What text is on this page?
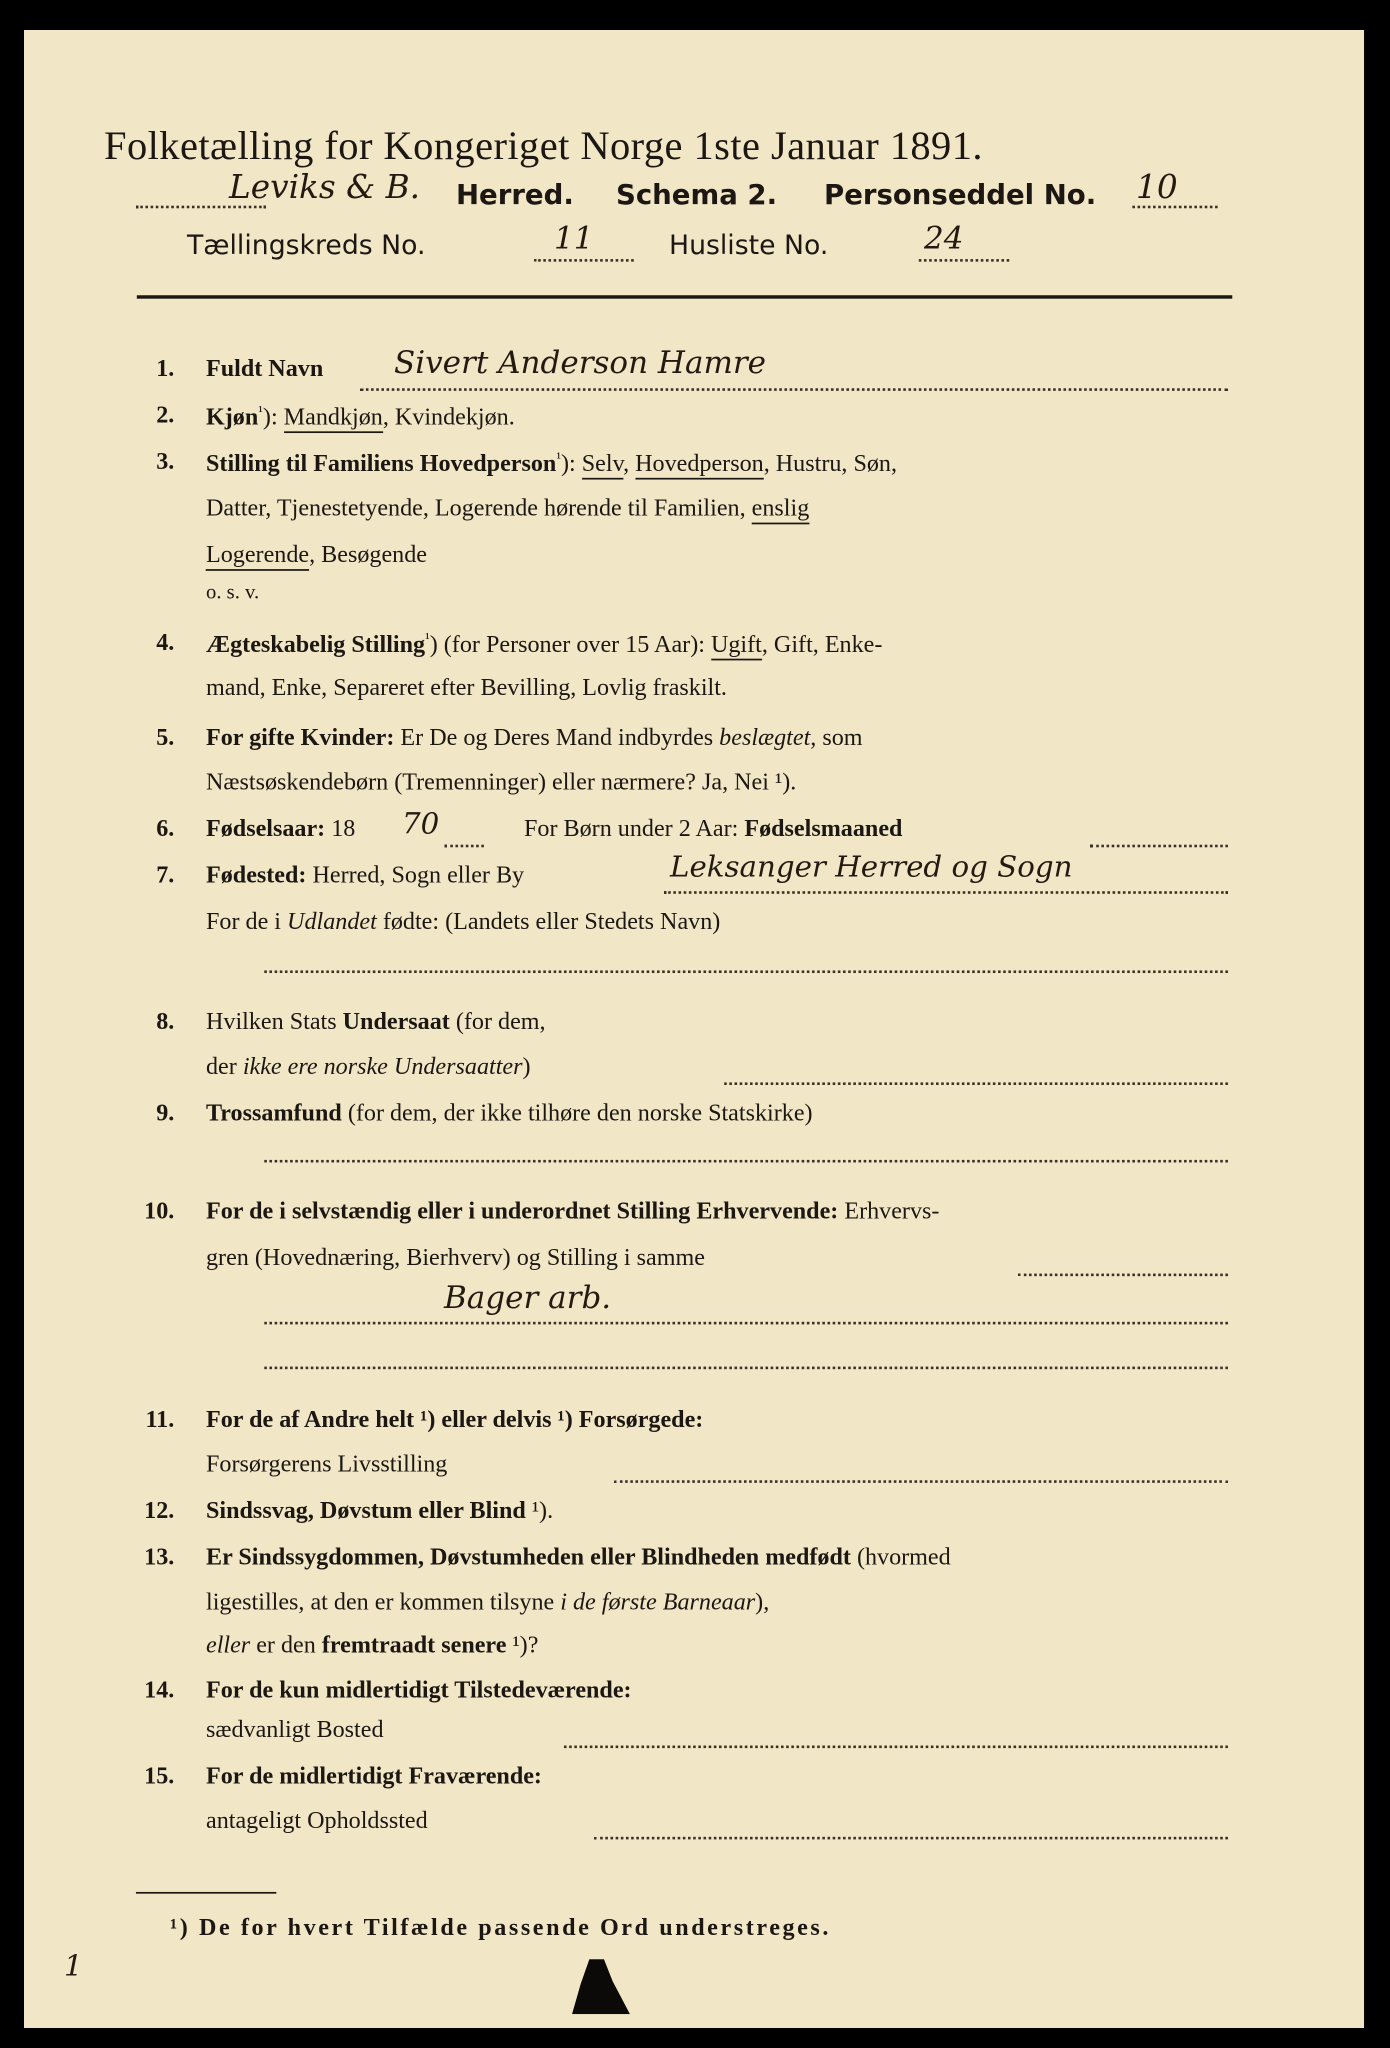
Folketælling for Kongeriget Norge 1ste Januar 1891.
Leviks & B. Herred. Schema 2. Personseddel No. 10
Tællingskreds No.	11 Husliste No.	24
1. Fuldt Navn Sivert Anderson Hamre
2. Kjøn$^{^1}$): Mandkjøn, Kvindekjøn.
3. Stilling til Familiens Hovedperson$^{^1}$): Selv, Hovedperson, Hustru, Søn,
Datter, Tjenestetyende, Logerende hørende til Familien, enslig
Logerende, Besøgende
o. s. v.
4. Ægteskabelig Stilling$^{^1}$) (for Personer over 15 Aar): Ugift, Gift, Enke-
mand, Enke, Separeret efter Bevilling, Lovlig fraskilt.
5. For gifte Kvinder: Er De og Deres Mand indbyrdes beslægtet, som
Næstsøskendebørn (Tremenninger) eller nærmere? Ja, Nei ¹).
6. Fødselsaar: 18 70	For Børn under 2 Aar: Fødselsmaaned
7. Fødested: Herred, Sogn eller By	Leksanger Herred og Sogn
For de i Udlandet fødte: (Landets eller Stedets Navn)
8. Hvilken Stats Undersaat (for dem,
der ikke ere norske Undersaatter)
9. Trossamfund (for dem, der ikke tilhøre den norske Statskirke)
10. For de i selvstændig eller i underordnet Stilling Erhvervende: Erhvervs-
gren (Hovednæring, Bierhverv) og Stilling i samme
Bager arb.
11. For de af Andre helt ¹) eller delvis ¹) Forsørgede:
Forsørgerens Livsstilling
12. Sindssvag, Døvstum eller Blind ¹).
13. Er Sindssygdommen, Døvstumheden eller Blindheden medfødt (hvormed
ligestilles, at den er kommen tilsyne i de første Barneaar),
eller er den fremtraadt senere ¹)?
14. For de kun midlertidigt Tilstedeværende:
sædvanligt Bosted
15. For de midlertidigt Fraværende:
antageligt Opholdssted
¹) De for hvert Tilfælde passende Ord understreges.
1
